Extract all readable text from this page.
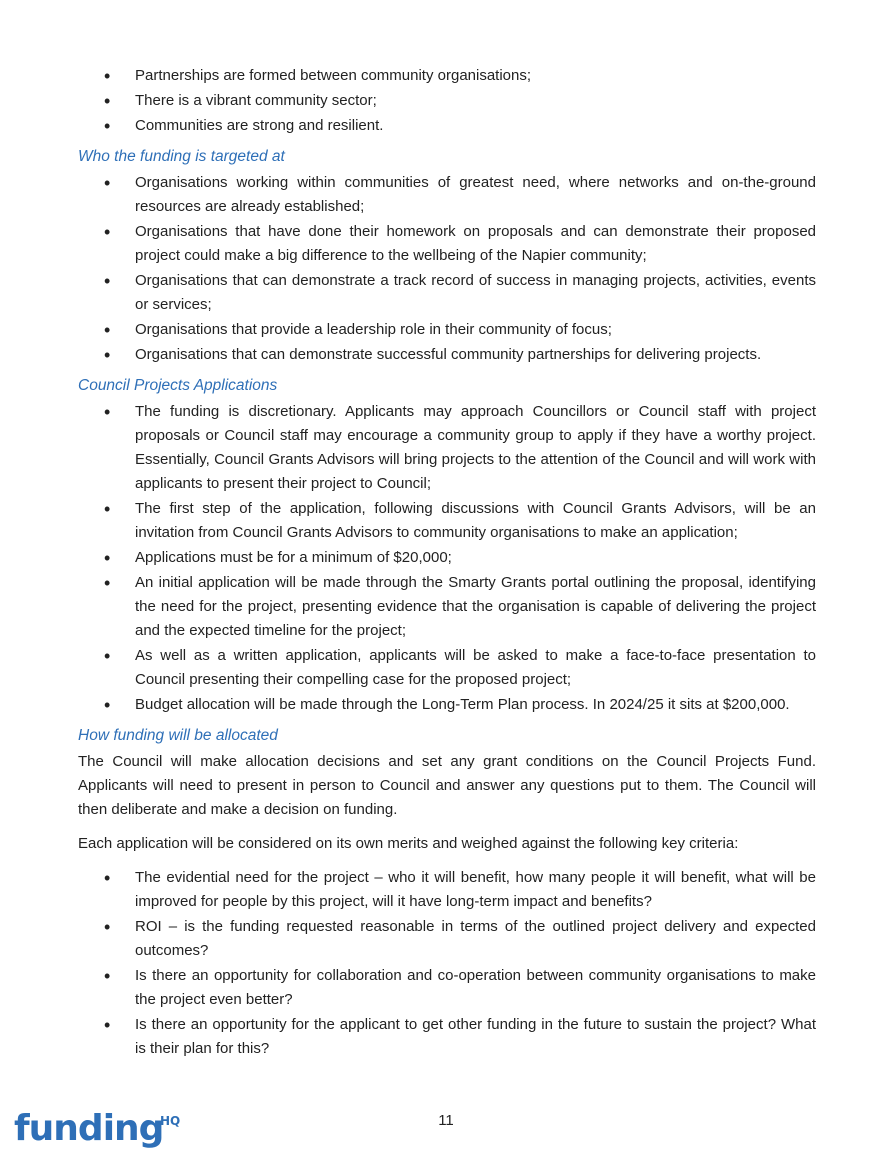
• Partnerships are formed between community organisations;
• There is a vibrant community sector;
• Communities are strong and resilient.
Who the funding is targeted at
• Organisations working within communities of greatest need, where networks and on-the-ground resources are already established;
• Organisations that have done their homework on proposals and can demonstrate their proposed project could make a big difference to the wellbeing of the Napier community;
• Organisations that can demonstrate a track record of success in managing projects, activities, events or services;
• Organisations that provide a leadership role in their community of focus;
• Organisations that can demonstrate successful community partnerships for delivering projects.
Council Projects Applications
• The funding is discretionary. Applicants may approach Councillors or Council staff with project proposals or Council staff may encourage a community group to apply if they have a worthy project. Essentially, Council Grants Advisors will bring projects to the attention of the Council and will work with applicants to present their project to Council;
• The first step of the application, following discussions with Council Grants Advisors, will be an invitation from Council Grants Advisors to community organisations to make an application;
• Applications must be for a minimum of $20,000;
• An initial application will be made through the Smarty Grants portal outlining the proposal, identifying the need for the project, presenting evidence that the organisation is capable of delivering the project and the expected timeline for the project;
• As well as a written application, applicants will be asked to make a face-to-face presentation to Council presenting their compelling case for the proposed project;
• Budget allocation will be made through the Long-Term Plan process. In 2024/25 it sits at $200,000.
How funding will be allocated

The Council will make allocation decisions and set any grant conditions on the Council Projects Fund. Applicants will need to present in person to Council and answer any questions put to them. The Council will then deliberate and make a decision on funding.

Each application will be considered on its own merits and weighed against the following key criteria:

• The evidential need for the project – who it will benefit, how many people it will benefit, what will be improved for people by this project, will it have long-term impact and benefits?
• ROI – is the funding requested reasonable in terms of the outlined project delivery and expected outcomes?
• Is there an opportunity for collaboration and co-operation between community organisations to make the project even better?
• Is there an opportunity for the applicant to get other funding in the future to sustain the project? What is their plan for this?
funding
HQ	11
